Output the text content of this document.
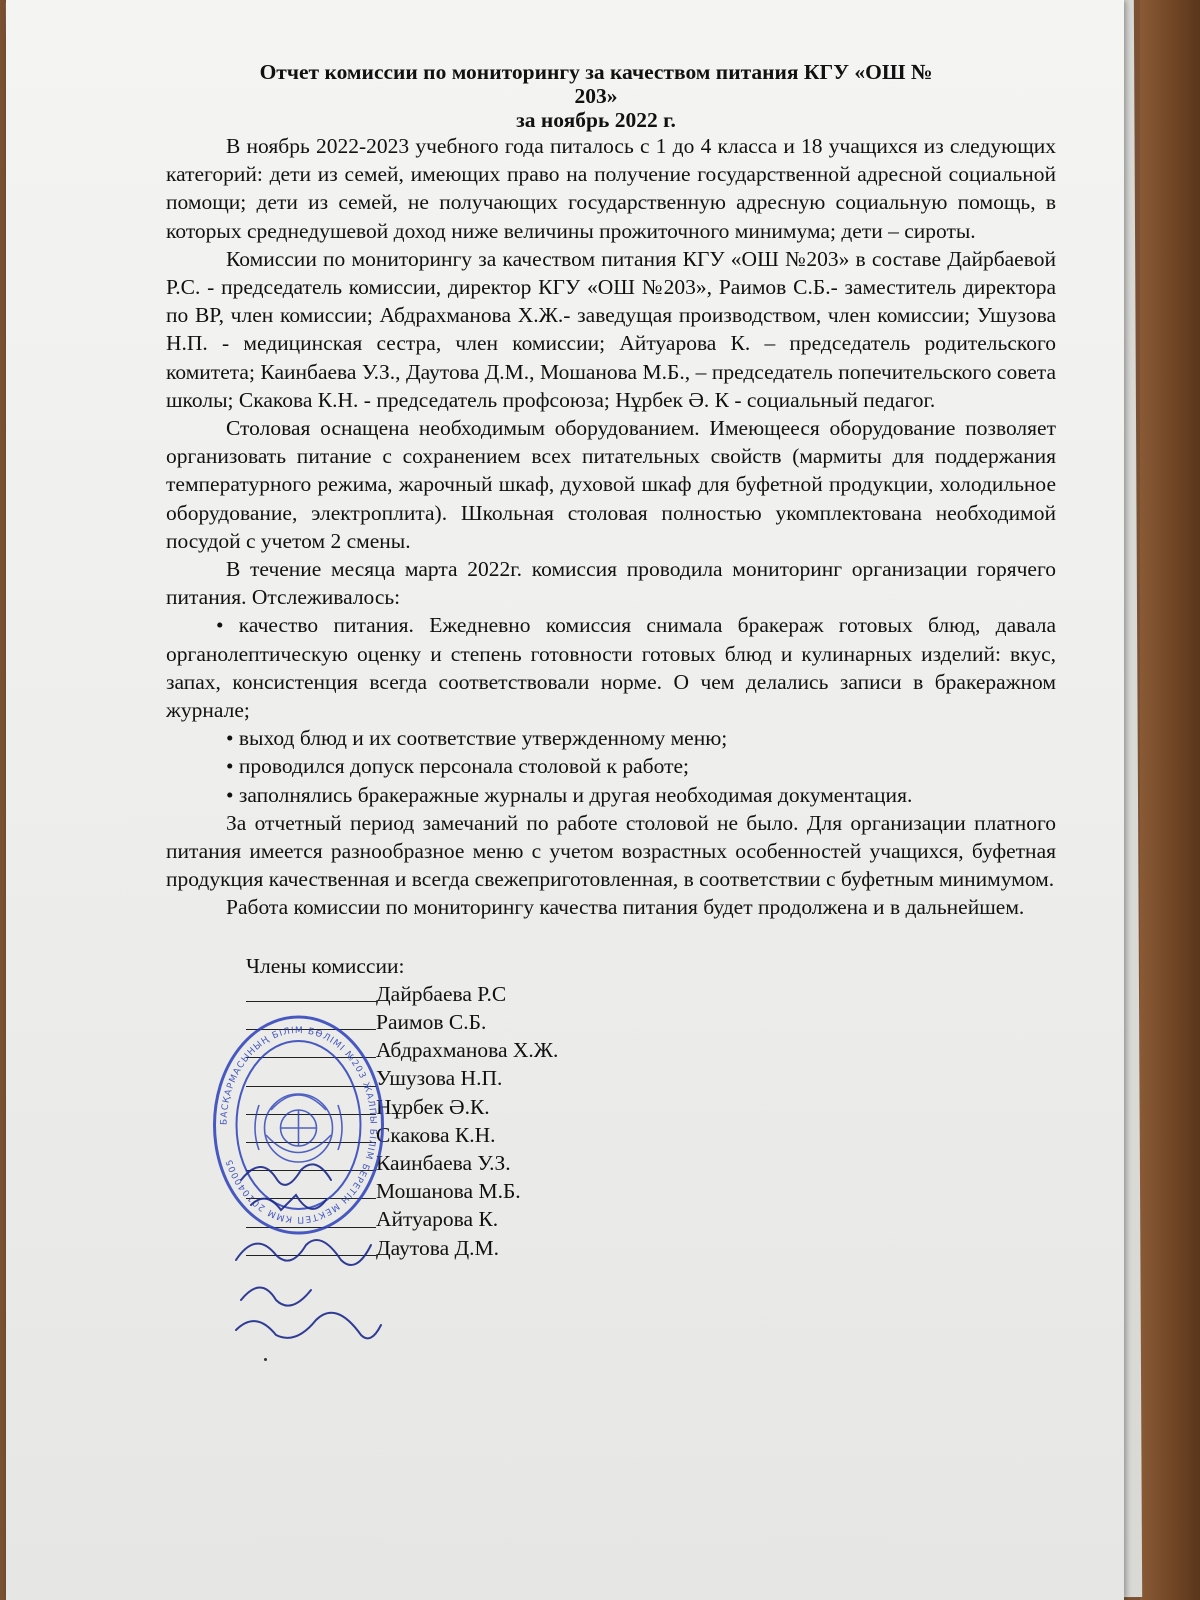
Отчет комиссии по мониторингу за качеством питания КГУ «ОШ № 203»

за ноябрь 2022 г.

В ноябрь 2022-2023 учебного года питалось с 1 до 4 класса и 18 учащихся из следующих категорий: дети из семей, имеющих право на получение государственной адресной социальной помощи; дети из семей, не получающих государственную адресную социальную помощь, в которых среднедушевой доход ниже величины прожиточного минимума; дети – сироты.

Комиссии по мониторингу за качеством питания КГУ «ОШ №203» в составе Дайрбаевой Р.С. - председатель комиссии, директор КГУ «ОШ №203», Раимов С.Б.- заместитель директора по ВР, член комиссии; Абдрахманова Х.Ж.- заведущая производством, член комиссии; Ушузова Н.П. - медицинская сестра, член комиссии; Айтуарова К. – председатель родительского комитета; Каинбаева У.З., Даутова Д.М., Мошанова М.Б., – председатель попечительского совета школы; Скакова К.Н. - председатель профсоюза; Нұрбек Ә. К - социальный педагог.

Столовая оснащена необходимым оборудованием. Имеющееся оборудование позволяет организовать питание с сохранением всех питательных свойств (мармиты для поддержания температурного режима, жарочный шкаф, духовой шкаф для буфетной продукции, холодильное оборудование, электроплита). Школьная столовая полностью укомплектована необходимой посудой с учетом 2 смены.

В течение месяца марта 2022г. комиссия проводила мониторинг организации горячего питания. Отслеживалось:

• качество питания. Ежедневно комиссия снимала бракераж готовых блюд, давала органолептическую оценку и степень готовности готовых блюд и кулинарных изделий: вкус, запах, консистенция всегда соответствовали норме. О чем делались записи в бракеражном журнале;

• выход блюд и их соответствие утвержденному меню;

• проводился допуск персонала столовой к работе;

• заполнялись бракеражные журналы и другая необходимая документация.

За отчетный период замечаний по работе столовой не было. Для организации платного питания имеется разнообразное меню с учетом возрастных особенностей учащихся, буфетная продукция качественная и всегда свежеприготовленная, в соответствии с буфетным минимумом.

Работа комиссии по мониторингу качества питания будет продолжена и в дальнейшем.

Члены комиссии:
Дайрбаева Р.С
Раимов С.Б.
Абдрахманова Х.Ж.
Ушузова Н.П.
Нұрбек Ә.К.
Скакова К.Н.
Каинбаева У.З.
Мошанова М.Б.
Айтуарова К.
Даутова Д.М.
БАСҚАРМАСЫНЫҢ БІЛІМ БӨЛІМІ №203 ЖАЛПЫ БІЛІМ БЕРЕТІН МЕКТЕП КММ 201040005
